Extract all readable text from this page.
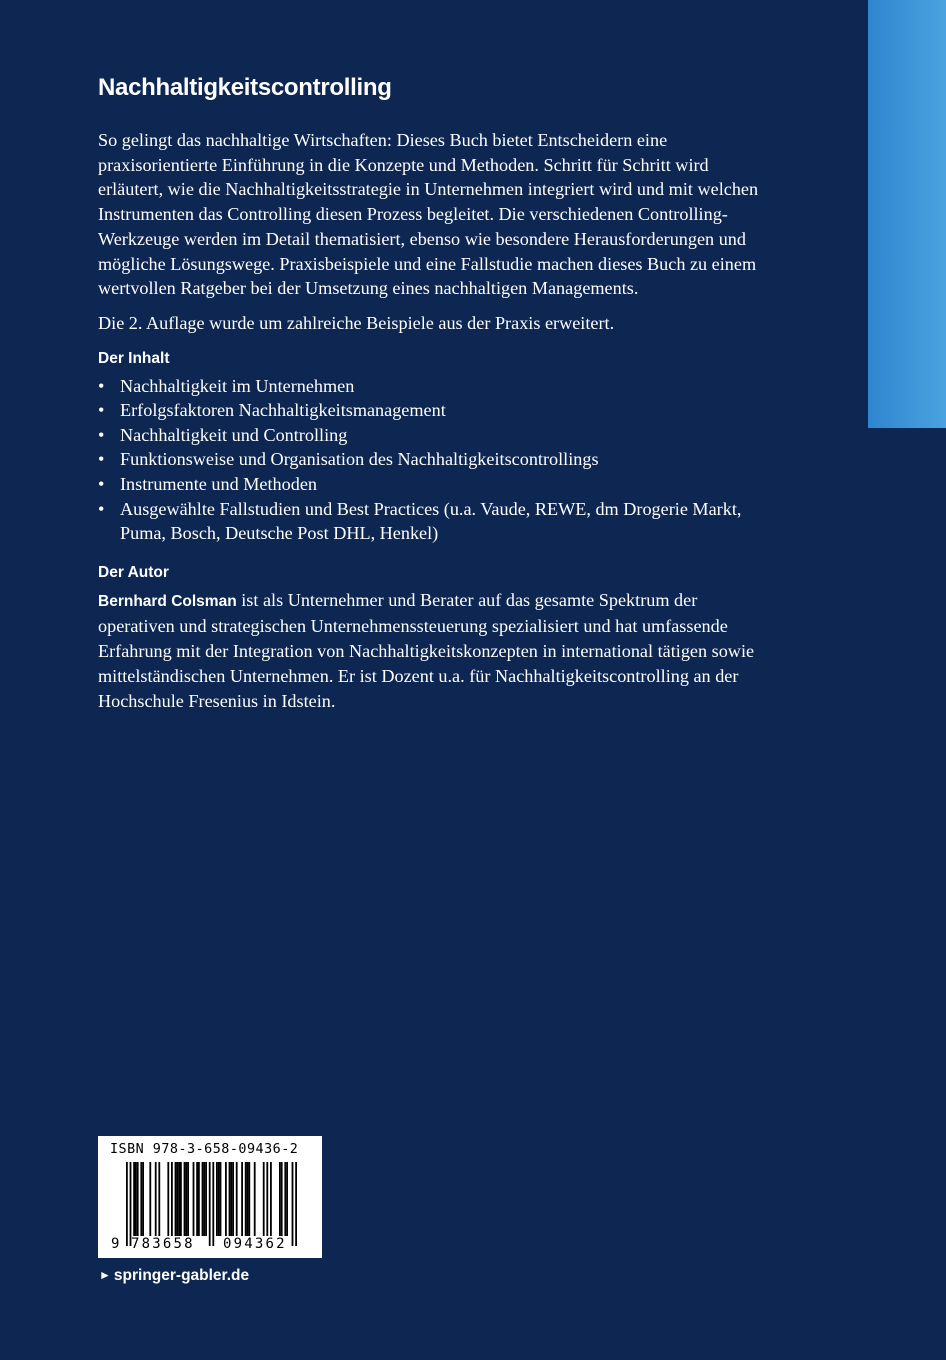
Nachhaltigkeitscontrolling

So gelingt das nachhaltige Wirtschaften: Dieses Buch bietet Entscheidern eine praxisorientierte Einführung in die Konzepte und Methoden. Schritt für Schritt wird erläutert, wie die Nachhaltigkeitsstrategie in Unternehmen integriert wird und mit welchen Instrumenten das Controlling diesen Prozess begleitet. Die verschiedenen Controlling-Werkzeuge werden im Detail thematisiert, ebenso wie besondere Herausforderungen und mögliche Lösungswege. Praxisbeispiele und eine Fallstudie machen dieses Buch zu einem wertvollen Ratgeber bei der Umsetzung eines nachhaltigen Managements.

Die 2. Auflage wurde um zahlreiche Beispiele aus der Praxis erweitert.

Der Inhalt
• Nachhaltigkeit im Unternehmen
• Erfolgsfaktoren Nachhaltigkeitsmanagement
• Nachhaltigkeit und Controlling
• Funktionsweise und Organisation des Nachhaltigkeitscontrollings
• Instrumente und Methoden
• Ausgewählte Fallstudien und Best Practices (u.a. Vaude, REWE, dm Drogerie Markt, Puma, Bosch, Deutsche Post DHL, Henkel)
Der Autor

Bernhard Colsman ist als Unternehmer und Berater auf das gesamte Spektrum der operativen und strategischen Unternehmenssteuerung spezialisiert und hat umfassende Erfahrung mit der Integration von Nachhaltigkeitskonzepten in international tätigen sowie mittelständischen Unternehmen. Er ist Dozent u.a. für Nachhaltigkeitscontrolling an der Hochschule Fresenius in Idstein.

ISBN 978-3-658-09436-2
9 783658 094362
► springer-gabler.de
